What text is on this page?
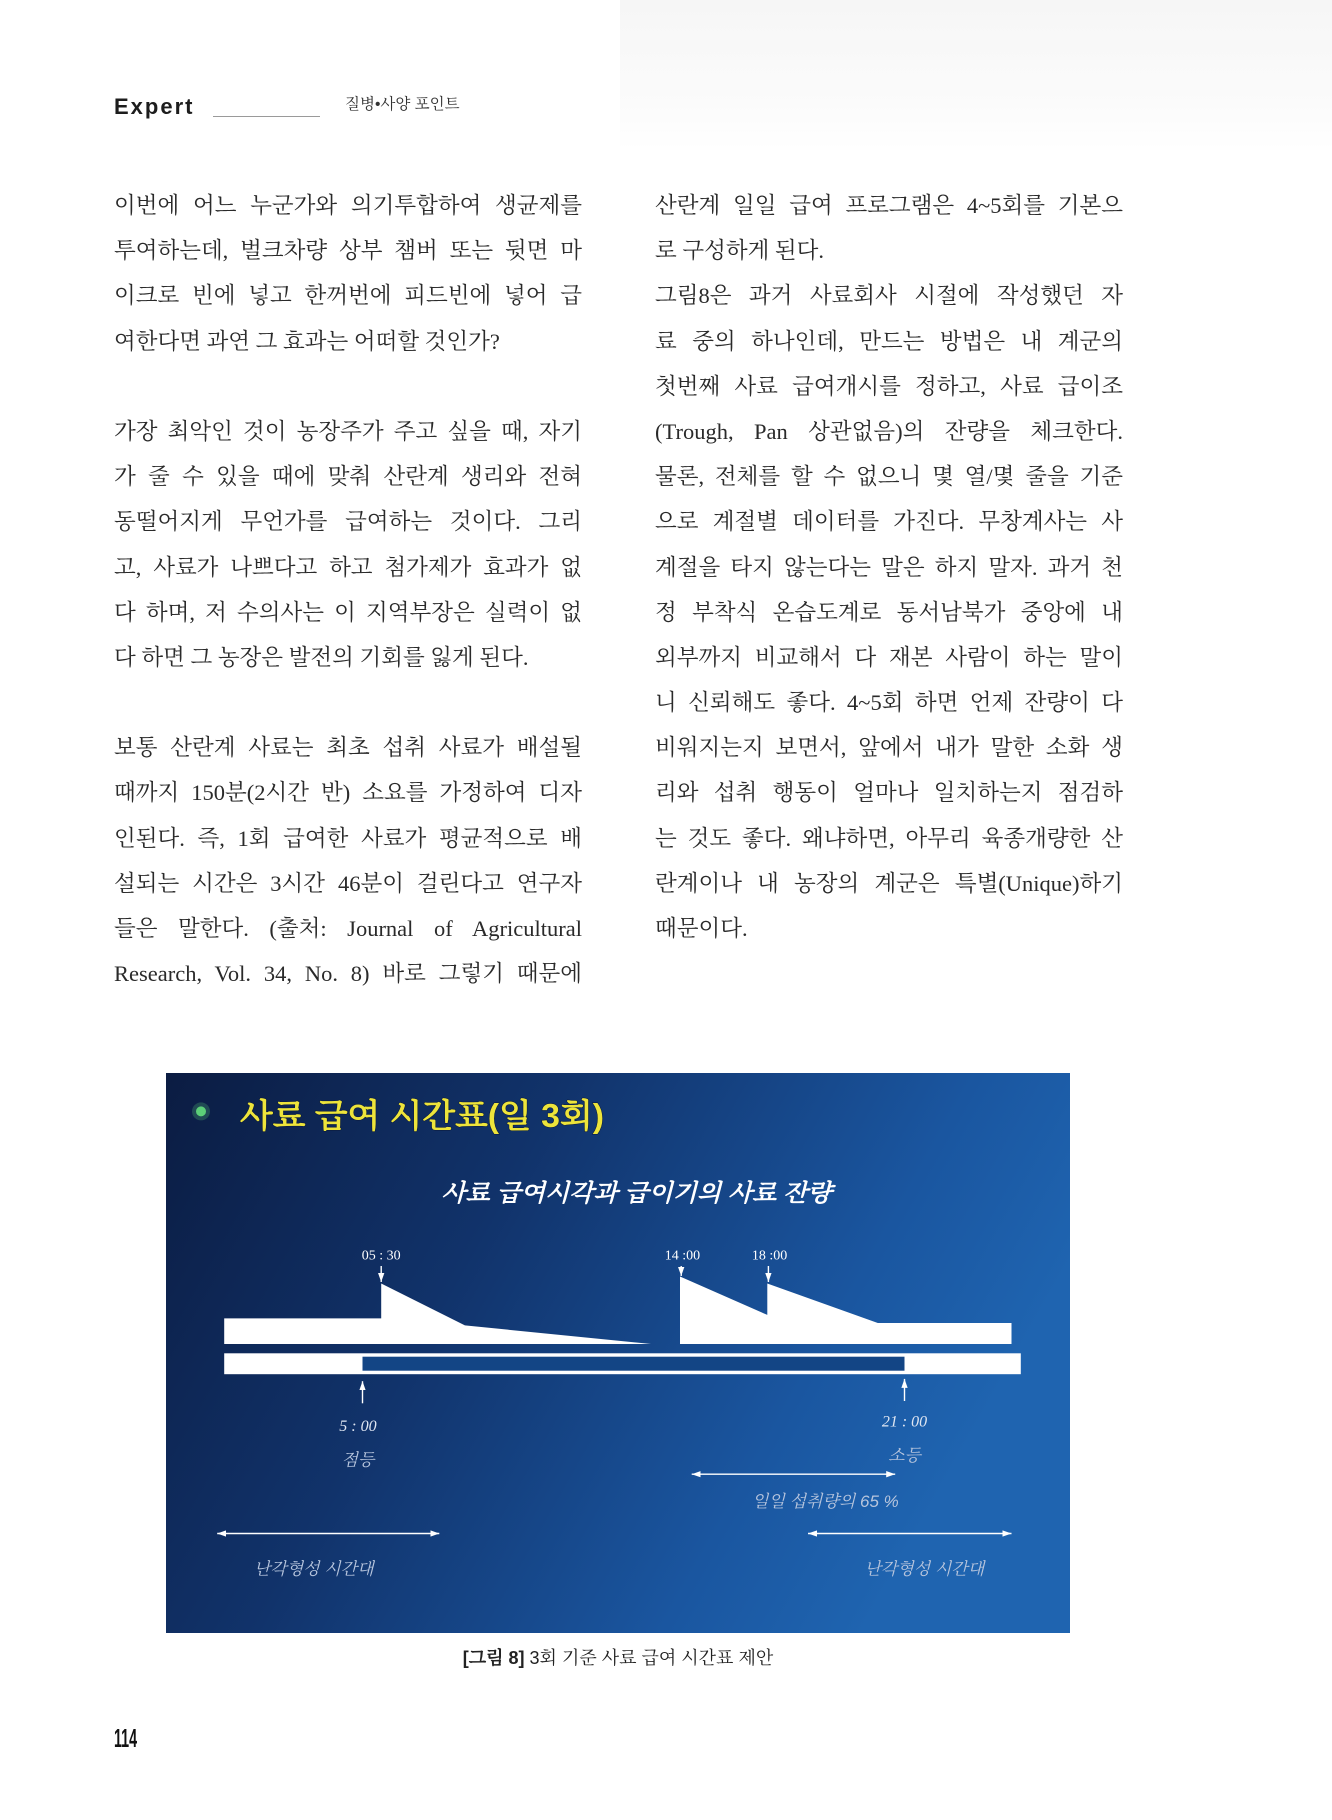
Expert	질병•사양 포인트
이번에 어느 누군가와 의기투합하여 생균제를
투여하는데, 벌크차량 상부 챔버 또는 뒷면 마
이크로 빈에 넣고 한꺼번에 피드빈에 넣어 급
여한다면 과연 그 효과는 어떠할 것인가?
가장 최악인 것이 농장주가 주고 싶을 때, 자기
가 줄 수 있을 때에 맞춰 산란계 생리와 전혀
동떨어지게 무언가를 급여하는 것이다. 그리
고, 사료가 나쁘다고 하고 첨가제가 효과가 없
다 하며, 저 수의사는 이 지역부장은 실력이 없
다 하면 그 농장은 발전의 기회를 잃게 된다.
보통 산란계 사료는 최초 섭취 사료가 배설될
때까지 150분(2시간 반) 소요를 가정하여 디자
인된다. 즉, 1회 급여한 사료가 평균적으로 배
설되는 시간은 3시간 46분이 걸린다고 연구자
들은 말한다. (출처: Journal of Agricultural
Research, Vol. 34, No. 8) 바로 그렇기 때문에
산란계 일일 급여 프로그램은 4~5회를 기본으
로 구성하게 된다.
그림8은 과거 사료회사 시절에 작성했던 자
료 중의 하나인데, 만드는 방법은 내 계군의
첫번째 사료 급여개시를 정하고, 사료 급이조
(Trough, Pan 상관없음)의 잔량을 체크한다.
물론, 전체를 할 수 없으니 몇 열/몇 줄을 기준
으로 계절별 데이터를 가진다. 무창계사는 사
계절을 타지 않는다는 말은 하지 말자. 과거 천
정 부착식 온습도계로 동서남북가 중앙에 내
외부까지 비교해서 다 재본 사람이 하는 말이
니 신뢰해도 좋다. 4~5회 하면 언제 잔량이 다
비워지는지 보면서, 앞에서 내가 말한 소화 생
리와 섭취 행동이 얼마나 일치하는지 점검하
는 것도 좋다. 왜냐하면, 아무리 육종개량한 산
란계이나 내 농장의 계군은 특별(Unique)하기
때문이다.
사료 급여 시간표(일 3회)
사료 급여시각과 급이기의 사료 잔량
05 : 30	14 :00	18 :00
5 : 00
점등
21 : 00
소등
일일 섭취량의 65 %
난각형성 시간대	난각형성 시간대
[그림 8] 3회 기준 사료 급여 시간표 제안
114
